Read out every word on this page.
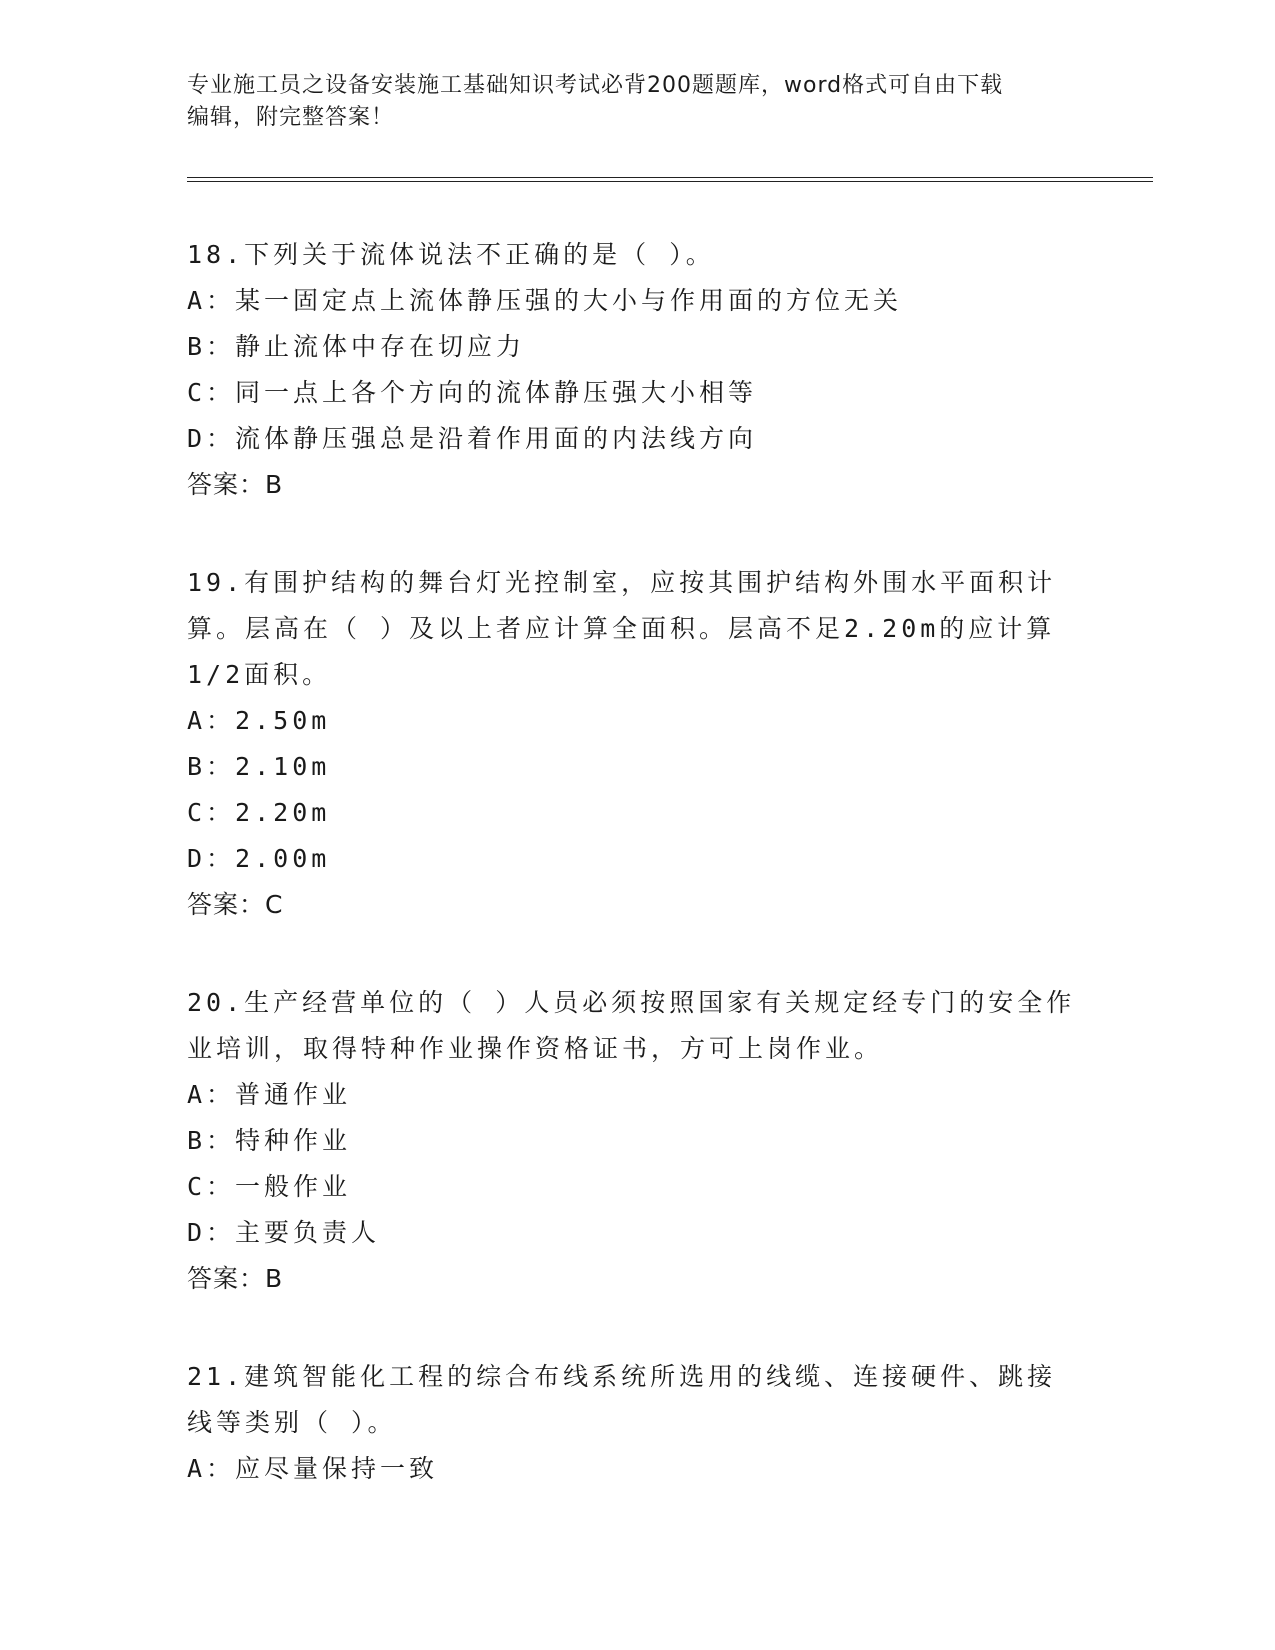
专业施工员之设备安装施工基础知识考试必背200题题库，word格式可自由下载
编辑，附完整答案！
18.下列关于流体说法不正确的是（ ）。
A：某一固定点上流体静压强的大小与作用面的方位无关
B：静止流体中存在切应力
C：同一点上各个方向的流体静压强大小相等
D：流体静压强总是沿着作用面的内法线方向
答案：B
19.有围护结构的舞台灯光控制室，应按其围护结构外围水平面积计算。层高在（ ）及以上者应计算全面积。层高不足2.20m的应计算1/2面积。
A：2.50m
B：2.10m
C：2.20m
D：2.00m
答案：C
20.生产经营单位的（ ）人员必须按照国家有关规定经专门的安全作业培训，取得特种作业操作资格证书，方可上岗作业。
A：普通作业
B：特种作业
C：一般作业
D：主要负责人
答案：B
21.建筑智能化工程的综合布线系统所选用的线缆、连接硬件、跳接线等类别（ ）。
A：应尽量保持一致
